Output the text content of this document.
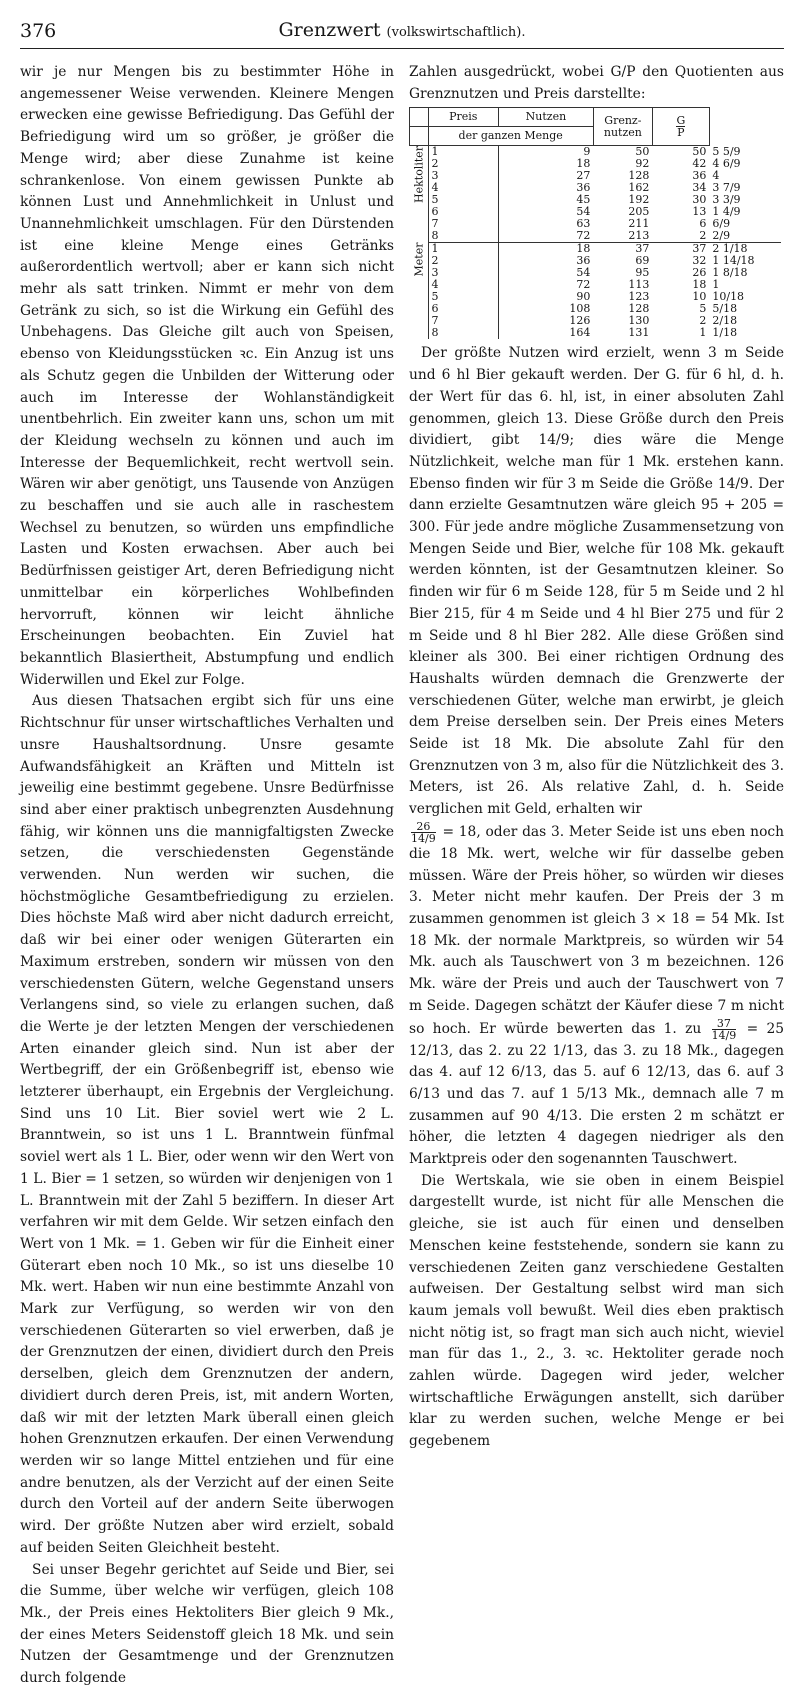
376	Grenzwert (volkswirtschaftlich).

wir je nur Mengen bis zu bestimmter Höhe in angemessener Weise verwenden. Kleinere Mengen erwecken eine gewisse Befriedigung. Das Gefühl der Befriedigung wird um so größer, je größer die Menge wird; aber diese Zunahme ist keine schrankenlose. Von einem gewissen Punkte ab können Lust und Annehmlichkeit in Unlust und Unannehmlichkeit umschlagen. Für den Dürstenden ist eine kleine Menge eines Getränks außerordentlich wertvoll; aber er kann sich nicht mehr als satt trinken. Nimmt er mehr von dem Getränk zu sich, so ist die Wirkung ein Gefühl des Unbehagens. Das Gleiche gilt auch von Speisen, ebenso von Kleidungsstücken ꝛc. Ein Anzug ist uns als Schutz gegen die Unbilden der Witterung oder auch im Interesse der Wohlanständigkeit unentbehrlich. Ein zweiter kann uns, schon um mit der Kleidung wechseln zu können und auch im Interesse der Bequemlichkeit, recht wertvoll sein. Wären wir aber genötigt, uns Tausende von Anzügen zu beschaffen und sie auch alle in raschestem Wechsel zu benutzen, so würden uns empfindliche Lasten und Kosten erwachsen. Aber auch bei Bedürfnissen geistiger Art, deren Befriedigung nicht unmittelbar ein körperliches Wohlbefinden hervorruft, können wir leicht ähnliche Erscheinungen beobachten. Ein Zuviel hat bekanntlich Blasiertheit, Abstumpfung und endlich Widerwillen und Ekel zur Folge.

Aus diesen Thatsachen ergibt sich für uns eine Richtschnur für unser wirtschaftliches Verhalten und unsre Haushaltsordnung. Unsre gesamte Aufwandsfähigkeit an Kräften und Mitteln ist jeweilig eine bestimmt gegebene. Unsre Bedürfnisse sind aber einer praktisch unbegrenzten Ausdehnung fähig, wir können uns die mannigfaltigsten Zwecke setzen, die verschiedensten Gegenstände verwenden. Nun werden wir suchen, die höchstmögliche Gesamtbefriedigung zu erzielen. Dies höchste Maß wird aber nicht dadurch erreicht, daß wir bei einer oder wenigen Güterarten ein Maximum erstreben, sondern wir müssen von den verschiedensten Gütern, welche Gegenstand unsers Verlangens sind, so viele zu erlangen suchen, daß die Werte je der letzten Mengen der verschiedenen Arten einander gleich sind. Nun ist aber der Wertbegriff, der ein Größenbegriff ist, ebenso wie letzterer überhaupt, ein Ergebnis der Vergleichung. Sind uns 10 Lit. Bier soviel wert wie 2 L. Branntwein, so ist uns 1 L. Branntwein fünfmal soviel wert als 1 L. Bier, oder wenn wir den Wert von 1 L. Bier = 1 setzen, so würden wir denjenigen von 1 L. Branntwein mit der Zahl 5 beziffern. In dieser Art verfahren wir mit dem Gelde. Wir setzen einfach den Wert von 1 Mk. = 1. Geben wir für die Einheit einer Güterart eben noch 10 Mk., so ist uns dieselbe 10 Mk. wert. Haben wir nun eine bestimmte Anzahl von Mark zur Verfügung, so werden wir von den verschiedenen Güterarten so viel erwerben, daß je der Grenznutzen der einen, dividiert durch den Preis derselben, gleich dem Grenznutzen der andern, dividiert durch deren Preis, ist, mit andern Worten, daß wir mit der letzten Mark überall einen gleich hohen Grenznutzen erkaufen. Der einen Verwendung werden wir so lange Mittel entziehen und für eine andre benutzen, als der Verzicht auf der einen Seite durch den Vorteil auf der andern Seite überwogen wird. Der größte Nutzen aber wird erzielt, sobald auf beiden Seiten Gleichheit besteht.

Sei unser Begehr gerichtet auf Seide und Bier, sei die Summe, über welche wir verfügen, gleich 108 Mk., der Preis eines Hektoliters Bier gleich 9 Mk., der eines Meters Seidenstoff gleich 18 Mk. und sein Nutzen der Gesamtmenge und der Grenznutzen durch folgende

Zahlen ausgedrückt, wobei G/P den Quotienten aus Grenznutzen und Preis darstellte:

	Preis	Nutzen	Grenz-nutzen	$\frac{G}{P}$

	der ganzen Menge				
Hektoliter	1	9	50	50	5 5/9
	2	18	92	42	4 6/9
	3	27	128	36	4
	4	36	162	34	3 7/9
	5	45	192	30	3 3/9
	6	54	205	13	1 4/9
	7	63	211	6	6/9
	8	72	213	2	2/9
Meter	1	18	37	37	2 1/18
	2	36	69	32	1 14/18
	3	54	95	26	1 8/18
	4	72	113	18	1
	5	90	123	10	10/18
	6	108	128	5	5/18
	7	126	130	2	2/18
	8	164	131	1	1/18

Der größte Nutzen wird erzielt, wenn 3 m Seide und 6 hl Bier gekauft werden. Der G. für 6 hl, d. h. der Wert für das 6. hl, ist, in einer absoluten Zahl genommen, gleich 13. Diese Größe durch den Preis dividiert, gibt 14/9; dies wäre die Menge Nützlichkeit, welche man für 1 Mk. erstehen kann. Ebenso finden wir für 3 m Seide die Größe 14/9. Der dann erzielte Gesamtnutzen wäre gleich 95 + 205 = 300. Für jede andre mögliche Zusammensetzung von Mengen Seide und Bier, welche für 108 Mk. gekauft werden könnten, ist der Gesamtnutzen kleiner. So finden wir für 6 m Seide 128, für 5 m Seide und 2 hl Bier 215, für 4 m Seide und 4 hl Bier 275 und für 2 m Seide und 8 hl Bier 282. Alle diese Größen sind kleiner als 300. Bei einer richtigen Ordnung des Haushalts würden demnach die Grenzwerte der verschiedenen Güter, welche man erwirbt, je gleich dem Preise derselben sein. Der Preis eines Meters Seide ist 18 Mk. Die absolute Zahl für den Grenznutzen von 3 m, also für die Nützlichkeit des 3. Meters, ist 26. Als relative Zahl, d. h. Seide verglichen mit Geld, erhalten wir

$\frac{26}{14/9} = 18$, oder das 3. Meter Seide ist uns eben noch die 18 Mk. wert, welche wir für dasselbe geben müssen. Wäre der Preis höher, so würden wir dieses 3. Meter nicht mehr kaufen. Der Preis der 3 m zusammen genommen ist gleich 3 × 18 = 54 Mk. Ist 18 Mk. der normale Marktpreis, so würden wir 54 Mk. auch als Tauschwert von 3 m bezeichnen. 126 Mk. wäre der Preis und auch der Tauschwert von 7 m Seide. Dagegen schätzt der Käufer diese 7 m nicht so hoch. Er würde bewerten das 1. zu $\frac{37}{14/9} = 25$ 12/13, das 2. zu 22 1/13, das 3. zu 18 Mk., dagegen das 4. auf 12 6/13, das 5. auf 6 12/13, das 6. auf 3 6/13 und das 7. auf 1 5/13 Mk., demnach alle 7 m zusammen auf 90 4/13. Die ersten 2 m schätzt er höher, die letzten 4 dagegen niedriger als den Marktpreis oder den sogenannten Tauschwert.

Die Wertskala, wie sie oben in einem Beispiel dargestellt wurde, ist nicht für alle Menschen die gleiche, sie ist auch für einen und denselben Menschen keine feststehende, sondern sie kann zu verschiedenen Zeiten ganz verschiedene Gestalten aufweisen. Der Gestaltung selbst wird man sich kaum jemals voll bewußt. Weil dies eben praktisch nicht nötig ist, so fragt man sich auch nicht, wieviel man für das 1., 2., 3. ꝛc. Hektoliter gerade noch zahlen würde. Dagegen wird jeder, welcher wirtschaftliche Erwägungen anstellt, sich darüber klar zu werden suchen, welche Menge er bei gegebenem
